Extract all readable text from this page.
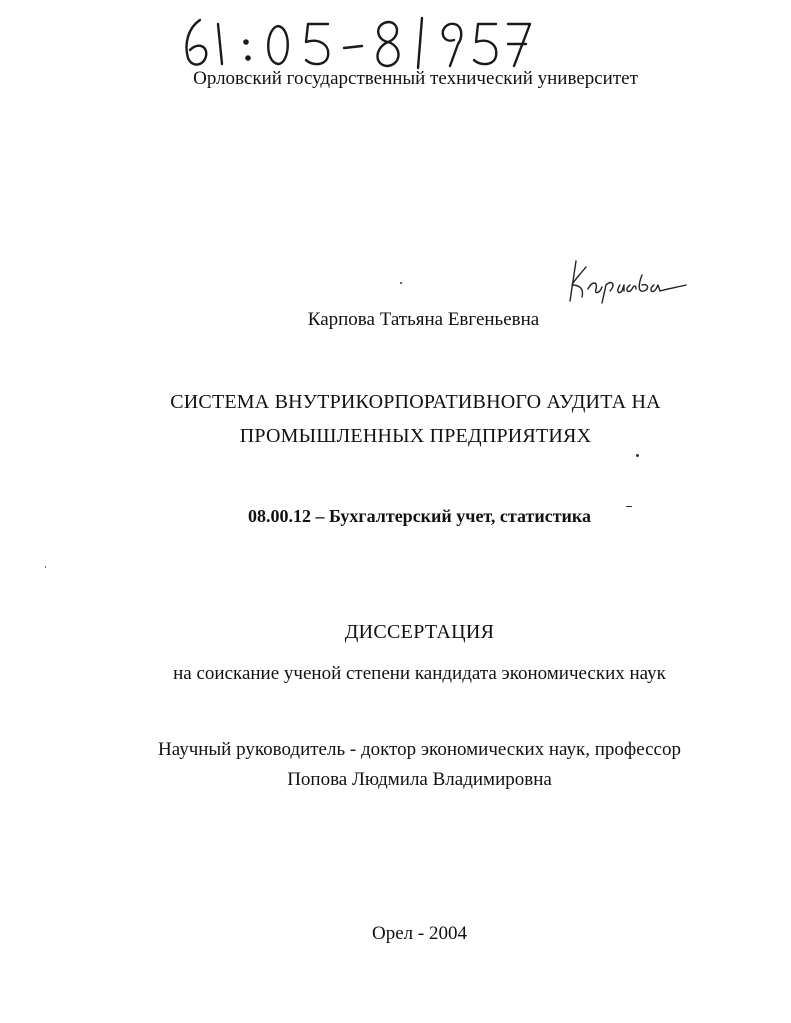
Орловский государственный технический университет
Карпова Татьяна Евгеньевна
СИСТЕМА ВНУТРИКОРПОРАТИВНОГО АУДИТА НА
ПРОМЫШЛЕННЫХ ПРЕДПРИЯТИЯХ
08.00.12 – Бухгалтерский учет, статистика
ДИССЕРТАЦИЯ
на соискание ученой степени кандидата экономических наук
Научный руководитель - доктор экономических наук, профессор
Попова Людмила Владимировна
Орел - 2004
